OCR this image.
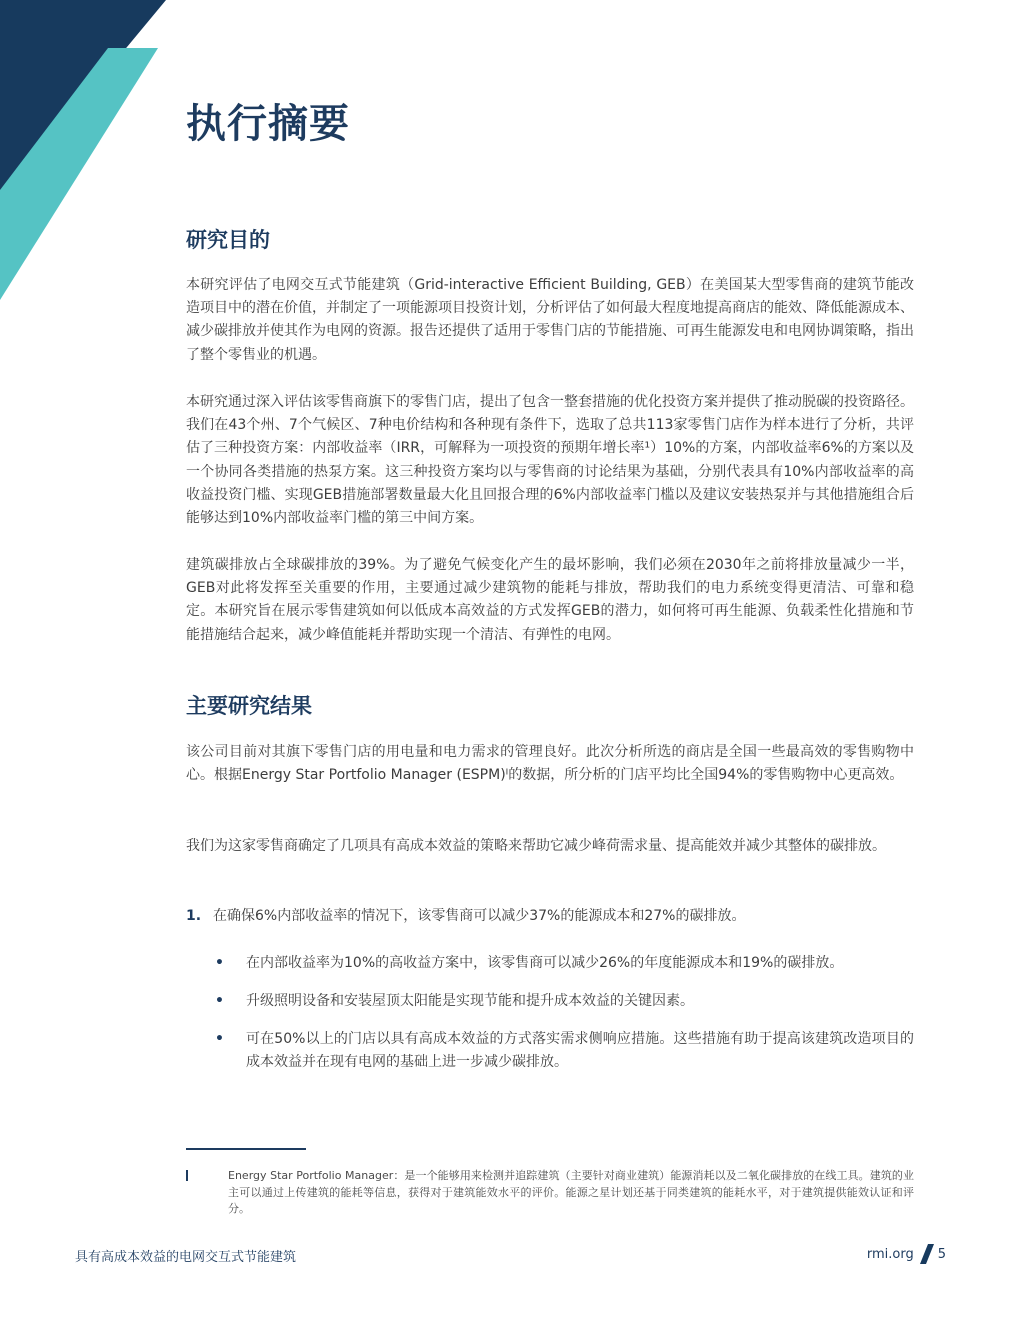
执行摘要
研究目的

本研究评估了电网交互式节能建筑（Grid-interactive Efficient Building, GEB）在美国某大型零售商的建筑节能改造项目中的潜在价值，并制定了一项能源项目投资计划，分析评估了如何最大程度地提高商店的能效、降低能源成本、减少碳排放并使其作为电网的资源。报告还提供了适用于零售门店的节能措施、可再生能源发电和电网协调策略，指出了整个零售业的机遇。

本研究通过深入评估该零售商旗下的零售门店，提出了包含一整套措施的优化投资方案并提供了推动脱碳的投资路径。我们在43个州、7个气候区、7种电价结构和各种现有条件下，选取了总共113家零售门店作为样本进行了分析，共评估了三种投资方案：内部收益率（IRR，可解释为一项投资的预期年增长率¹）10%的方案，内部收益率6%的方案以及一个协同各类措施的热泵方案。这三种投资方案均以与零售商的讨论结果为基础，分别代表具有10%内部收益率的高收益投资门槛、实现GEB措施部署数量最大化且回报合理的6%内部收益率门槛以及建议安装热泵并与其他措施组合后能够达到10%内部收益率门槛的第三中间方案。

建筑碳排放占全球碳排放的39%。为了避免气候变化产生的最坏影响，我们必须在2030年之前将排放量减少一半，GEB对此将发挥至关重要的作用，主要通过减少建筑物的能耗与排放，帮助我们的电力系统变得更清洁、可靠和稳定。本研究旨在展示零售建筑如何以低成本高效益的方式发挥GEB的潜力，如何将可再生能源、负载柔性化措施和节能措施结合起来，减少峰值能耗并帮助实现一个清洁、有弹性的电网。

主要研究结果

该公司目前对其旗下零售门店的用电量和电力需求的管理良好。此次分析所选的商店是全国一些最高效的零售购物中心。根据Energy Star Portfolio Manager (ESPM)ᴵ的数据，所分析的门店平均比全国94%的零售购物中心更高效。

我们为这家零售商确定了几项具有高成本效益的策略来帮助它减少峰荷需求量、提高能效并减少其整体的碳排放。

1. 在确保6%内部收益率的情况下，该零售商可以减少37%的能源成本和27%的碳排放。
• 在内部收益率为10%的高收益方案中，该零售商可以减少26%的年度能源成本和19%的碳排放。
• 升级照明设备和安装屋顶太阳能是实现节能和提升成本效益的关键因素。
• 可在50%以上的门店以具有高成本效益的方式落实需求侧响应措施。这些措施有助于提高该建筑改造项目的成本效益并在现有电网的基础上进一步减少碳排放。

Energy Star Portfolio Manager：是一个能够用来检测并追踪建筑（主要针对商业建筑）能源消耗以及二氧化碳排放的在线工具。建筑的业主可以通过上传建筑的能耗等信息，获得对于建筑能效水平的评价。能源之星计划还基于同类建筑的能耗水平，对于建筑提供能效认证和评分。

具有高成本效益的电网交互式节能建筑	rmi.org 5
